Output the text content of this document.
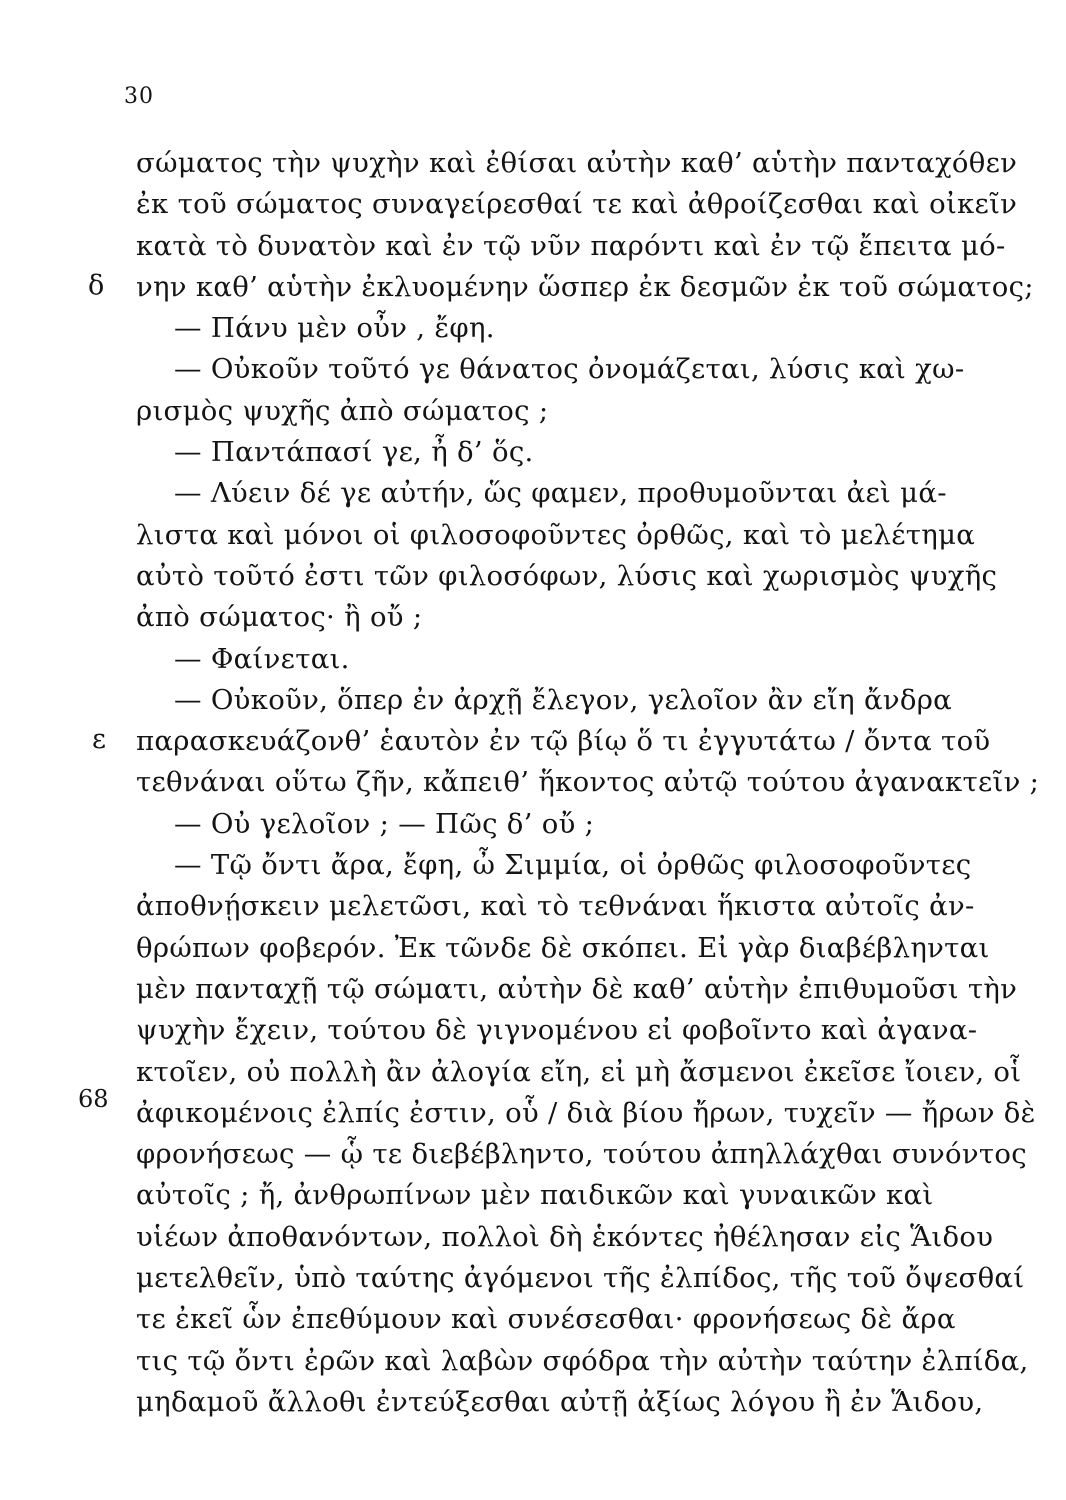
30
δ
ε
68
σώματος τὴν ψυχὴν καὶ ἐθίσαι αὐτὴν καθ’ αὑτὴν πανταχόθεν
ἐκ τοῦ σώματος συναγείρεσθαί τε καὶ ἀθροίζεσθαι καὶ οἰκεῖν
κατὰ τὸ δυνατὸν καὶ ἐν τῷ νῦν παρόντι καὶ ἐν τῷ ἔπειτα μό-
νην καθ’ αὑτὴν ἐκλυομένην ὥσπερ ἐκ δεσμῶν ἐκ τοῦ σώματος;
— Πάνυ μὲν οὖν , ἔφη.
— Οὐκοῦν τοῦτό γε θάνατος ὀνομάζεται, λύσις καὶ χω-
ρισμὸς ψυχῆς ἀπὸ σώματος ;
— Παντάπασί γε, ἦ δ’ ὅς.
— Λύειν δέ γε αὐτήν, ὥς φαμεν, προθυμοῦνται ἀεὶ μά-
λιστα καὶ μόνοι οἱ φιλοσοφοῦντες ὀρθῶς, καὶ τὸ μελέτημα
αὐτὸ τοῦτό ἐστι τῶν φιλοσόφων, λύσις καὶ χωρισμὸς ψυχῆς
ἀπὸ σώματος· ἢ οὔ ;
— Φαίνεται.
— Οὐκοῦν, ὅπερ ἐν ἀρχῇ ἔλεγον, γελοῖον ἂν εἴη ἄνδρα
παρασκευάζονθ’ ἑαυτὸν ἐν τῷ βίῳ ὅ τι ἐγγυτάτω / ὄντα τοῦ
τεθνάναι οὕτω ζῆν, κἄπειθ’ ἥκοντος αὐτῷ τούτου ἀγανακτεῖν ;
— Οὐ γελοῖον ; — Πῶς δ’ οὔ ;
— Τῷ ὄντι ἄρα, ἔφη, ὦ Σιμμία, οἱ ὀρθῶς φιλοσοφοῦντες
ἀποθνῄσκειν μελετῶσι, καὶ τὸ τεθνάναι ἥκιστα αὐτοῖς ἀν-
θρώπων φοβερόν. Ἐκ τῶνδε δὲ σκόπει. Εἰ γὰρ διαβέβληνται
μὲν πανταχῇ τῷ σώματι, αὐτὴν δὲ καθ’ αὑτὴν ἐπιθυμοῦσι τὴν
ψυχὴν ἔχειν, τούτου δὲ γιγνομένου εἰ φοβοῖντο καὶ ἀγανα-
κτοῖεν, οὐ πολλὴ ἂν ἀλογία εἴη, εἰ μὴ ἄσμενοι ἐκεῖσε ἴοιεν, οἷ
ἀφικομένοις ἐλπίς ἐστιν, οὗ / διὰ βίου ἤρων, τυχεῖν — ἤρων δὲ
φρονήσεως — ᾧ τε διεβέβληντο, τούτου ἀπηλλάχθαι συνόντος
αὐτοῖς ; ἤ, ἀνθρωπίνων μὲν παιδικῶν καὶ γυναικῶν καὶ
υἱέων ἀποθανόντων, πολλοὶ δὴ ἑκόντες ἠθέλησαν εἰς Ἅιδου
μετελθεῖν, ὑπὸ ταύτης ἀγόμενοι τῆς ἐλπίδος, τῆς τοῦ ὄψεσθαί
τε ἐκεῖ ὧν ἐπεθύμουν καὶ συνέσεσθαι· φρονήσεως δὲ ἄρα
τις τῷ ὄντι ἐρῶν καὶ λαβὼν σφόδρα τὴν αὐτὴν ταύτην ἐλπίδα,
μηδαμοῦ ἄλλοθι ἐντεύξεσθαι αὐτῇ ἀξίως λόγου ἢ ἐν Ἅιδου,
